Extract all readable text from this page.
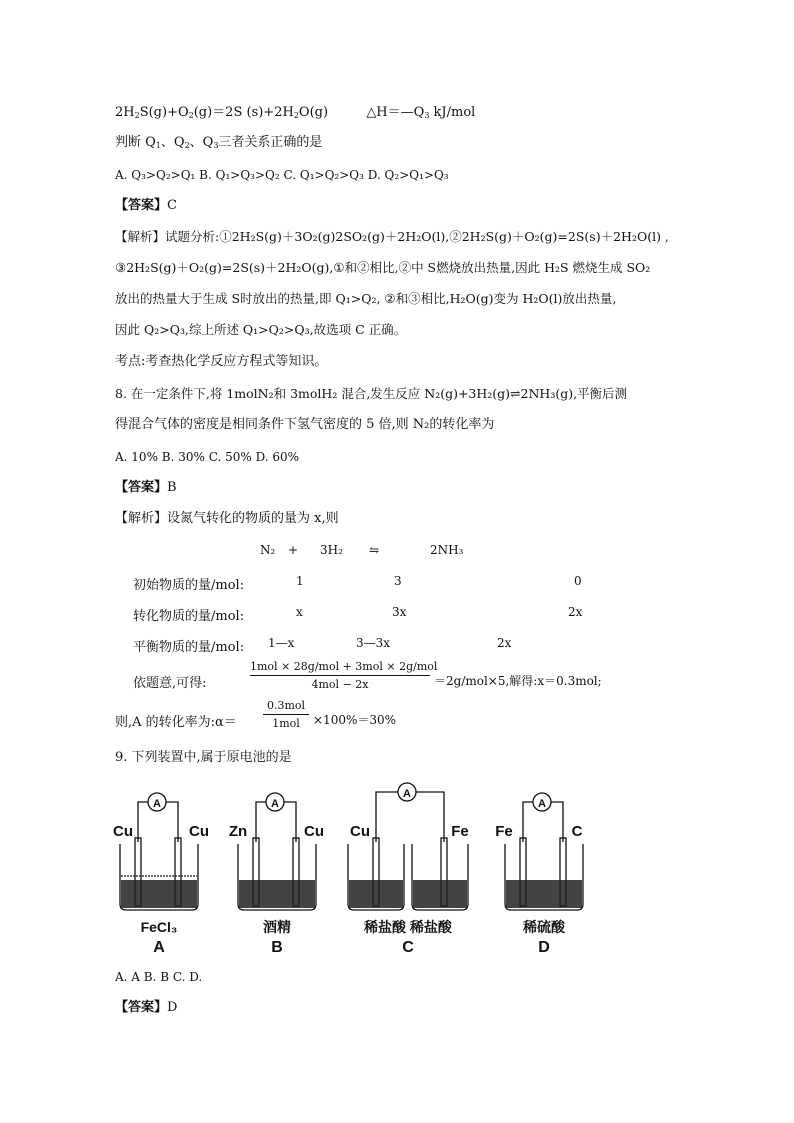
$2H_2S(g)+O_2(g)=2S$ $(s)+2H_2O(g)$	$\triangle H=—Q_3$ kJ/mol
判断 $Q_1$、$Q_2$、$Q_3$三者关系正确的是
A. Q₃>Q₂>Q₁ B. Q₁>Q₃>Q₂ C. Q₁>Q₂>Q₃ D. Q₂>Q₁>Q₃
【答案】C
【解析】试题分析:①2H₂S(g)＋3O₂(g)2SO₂(g)＋2H₂O(l),②2H₂S(g)＋O₂(g)=2S(s)＋2H₂O(l) ,
③2H₂S(g)＋O₂(g)=2S(s)＋2H₂O(g),①和②相比,②中 S燃烧放出热量,因此 H₂S 燃烧生成 SO₂
放出的热量大于生成 S时放出的热量,即 Q₁>Q₂, ②和③相比,H₂O(g)变为 H₂O(l)放出热量,
因此 Q₂>Q₃,综上所述 Q₁>Q₂>Q₃,故选项 C 正确。
考点:考查热化学反应方程式等知识。
8. 在一定条件下,将 1molN₂和 3molH₂ 混合,发生反应 N₂(g)+3H₂(g)⇌2NH₃(g),平衡后测
得混合气体的密度是相同条件下氢气密度的 5 倍,则 N₂的转化率为
A. 10% B. 30% C. 50% D. 60%
【答案】B
【解析】设氮气转化的物质的量为 x,则
N₂ + 3H₂ ⇋	2NH₃
初始物质的量/mol:	1	3	0
转化物质的量/mol:	x	3x	2x
平衡物质的量/mol: 1—x	3—3x	2x
依题意,可得:
1mol × 28g/mol + 3mol × 2g/mol
4mol − 2x	＝2g/mol×5,解得:x＝0.3mol;
则,A 的转化率为:α＝
0.3mol
1mol	×100%＝30%
9. 下列装置中,属于原电池的是
A	A
A
A
Cu	Cu Zn	Cu Cu	Fe Fe	C
FeCl₃	酒精	稀盐酸 稀盐酸	稀硫酸
A	B	C	D
A. A B. B C. D.
【答案】D
